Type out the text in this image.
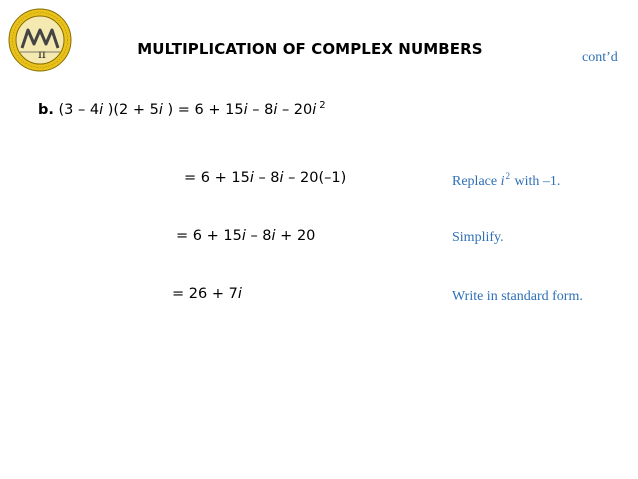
π	MULTIPLICATION OF COMPLEX NUMBERS	cont’d
b. (3 – 4i )(2 + 5i ) = 6 + 15i – 8i – 20i $^2$
= 6 + 15i – 8i – 20(–1)	Replace $i^2$ with –1.
= 6 + 15i – 8i + 20	Simplify.
= 26 + 7i	Write in standard form.
